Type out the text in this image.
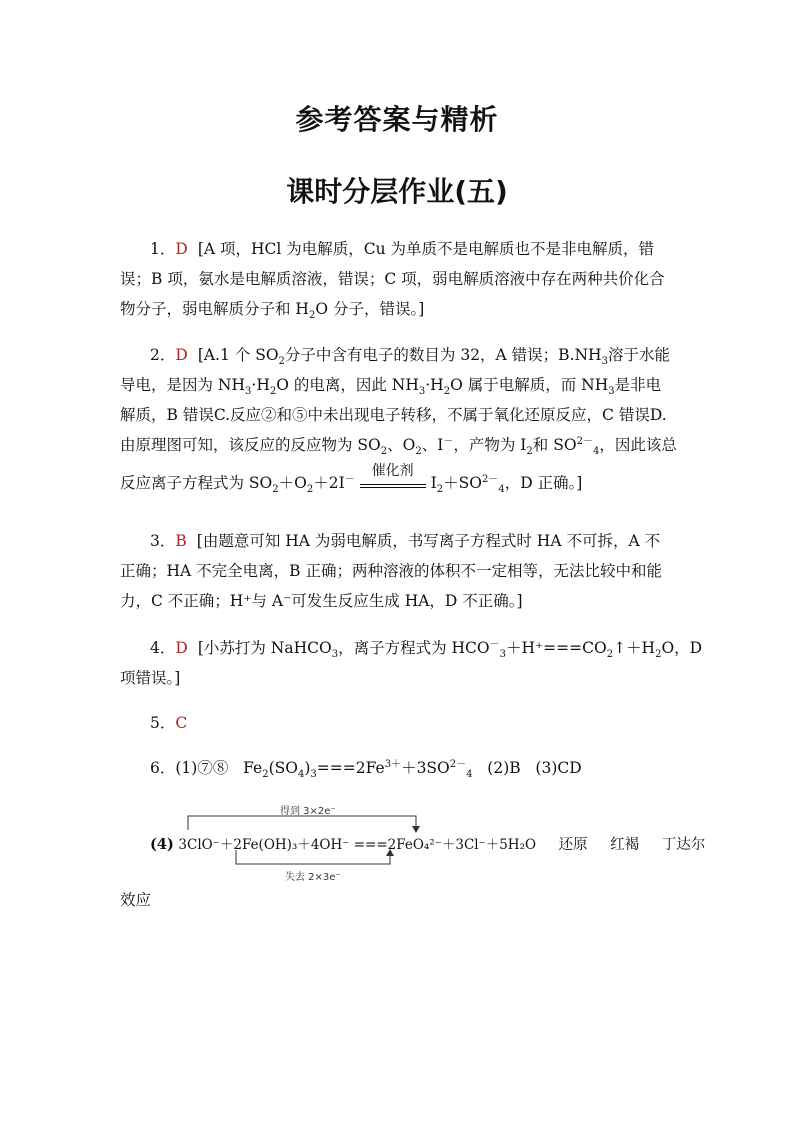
参考答案与精析
课时分层作业(五)

1．D [A 项，HCl 为电解质，Cu 为单质不是电解质也不是非电解质，错

误；B 项，氨水是电解质溶液，错误；C 项，弱电解质溶液中存在两种共价化合

物分子，弱电解质分子和 $H_2O$ 分子，错误。]

2．D [A.1 个 $SO_2$分子中含有电子的数目为 32，A 错误；$B.NH_3$溶于水能

导电，是因为 $NH_3\cdot H_2O$ 的电离，因此 $NH_3\cdot H_2O$ 属于电解质，而 $NH_3$是非电

解质，B 错误C.反应②和⑤中未出现电子转移，不属于氧化还原反应，C 错误D.

由原理图可知，该反应的反应物为 $SO_2$、$O_2$、I－，产物为 $I_2$和 $SO^{2-}_4$，因此该总

反应离子方程式为 $SO_2+O_2+2I^-$
催化剂
$I_2+SO^{2-}_4$，D 正确。]

3．B [由题意可知 HA 为弱电解质，书写离子方程式时 HA 不可拆，A 不

正确；HA 不完全电离，B 正确；两种溶液的体积不一定相等，无法比较中和能

力，C 不正确；H⁺与 A⁻可发生反应生成 HA，D 不正确。]

4．D [小苏打为 NaHCO$_3$，离子方程式为 $HCO^-_3+H^+===CO_2↑+H_2O$，D

项错误。]

5．C

6．(1)⑦⑧ $Fe_2(SO_4)_3===2Fe^{3+}+3SO^{2-}_4$ (2)B (3)CD

得到 3×2e⁻
失去 2×3e⁻
(4) 3ClO⁻＋2Fe(OH)₃＋4OH⁻ ===2FeO₄²⁻＋3Cl⁻＋5H₂O 还原 红褐 丁达尔
效应
